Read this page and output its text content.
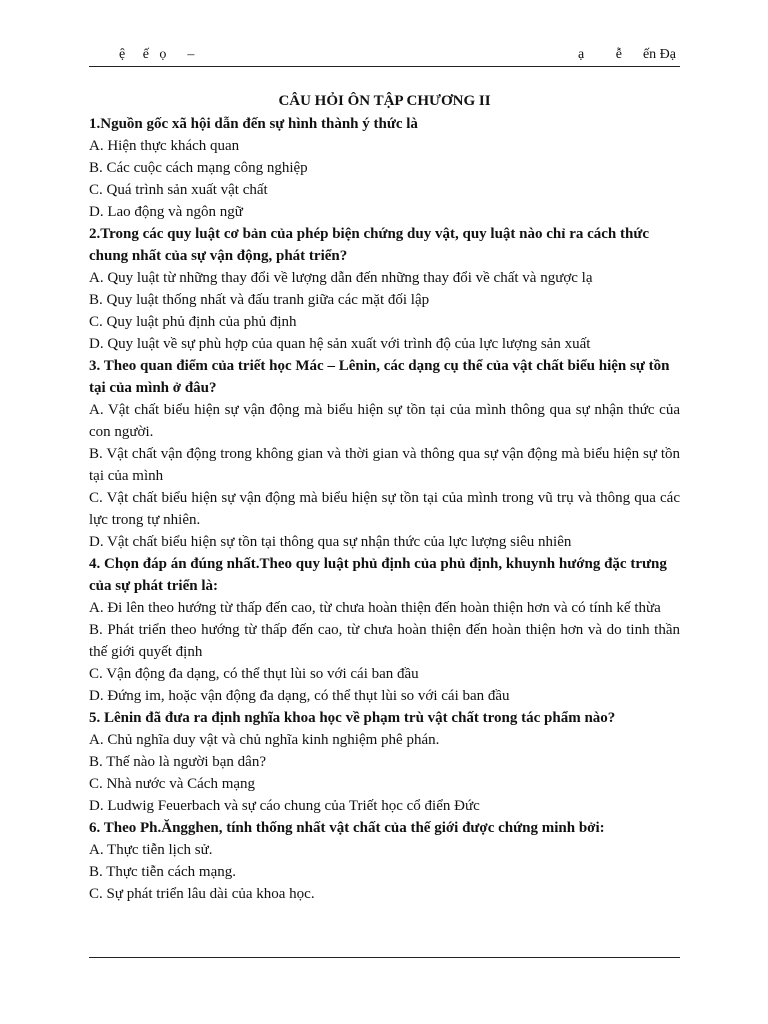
ệ     ế   ọ      –	ạ         ễ      ến Đạ
CÂU HỎI ÔN TẬP CHƯƠNG II

1.Nguồn gốc xã hội dẫn đến sự hình thành ý thức là

A. Hiện thực khách quan

B. Các cuộc cách mạng công nghiệp

C. Quá trình sản xuất vật chất

D. Lao động và ngôn ngữ

2.Trong các quy luật cơ bản của phép biện chứng duy vật, quy luật nào chỉ ra cách thức chung nhất của sự vận động, phát triển?

A. Quy luật từ những thay đổi về lượng dẫn đến những thay đổi về chất và ngược lạ

B. Quy luật thống nhất và đấu tranh giữa các mặt đối lập

C. Quy luật phủ định của phủ định

D. Quy luật về sự phù hợp của quan hệ sản xuất với trình độ của lực lượng sản xuất

3. Theo quan điểm của triết học Mác – Lênin, các dạng cụ thể của vật chất biểu hiện sự tồn tại của mình ở đâu?

A. Vật chất biểu hiện sự vận động mà biểu hiện sự tồn tại của mình thông qua sự nhận thức của con người.

B. Vật chất vận động trong không gian và thời gian và thông qua sự vận động mà biểu hiện sự tồn tại của mình

C. Vật chất biểu hiện sự vận động mà biểu hiện sự tồn tại của mình trong vũ trụ và thông qua các lực trong tự nhiên.

D. Vật chất biểu hiện sự tồn tại thông qua sự nhận thức của lực lượng siêu nhiên

4. Chọn đáp án đúng nhất.Theo quy luật phủ định của phủ định, khuynh hướng đặc trưng của sự phát triển là:

A. Đi lên theo hướng từ thấp đến cao, từ chưa hoàn thiện đến hoàn thiện hơn và có tính kế thừa

B. Phát triển theo hướng từ thấp đến cao, từ chưa hoàn thiện đến hoàn thiện hơn và do tinh thần thế giới quyết định

C. Vận động đa dạng, có thể thụt lùi so với cái ban đầu

D. Đứng im, hoặc vận động đa dạng, có thể thụt lùi so với cái ban đầu

5. Lênin đã đưa ra định nghĩa khoa học về phạm trù vật chất trong tác phẩm nào?

A. Chủ nghĩa duy vật và chủ nghĩa kinh nghiệm phê phán.

B. Thế nào là người bạn dân?

C. Nhà nước và Cách mạng

D. Ludwig Feuerbach và sự cáo chung của Triết học cổ điển Đức

6. Theo Ph.Ăngghen, tính thống nhất vật chất của thế giới được chứng minh bởi:

A. Thực tiễn lịch sử.

B. Thực tiễn cách mạng.

C. Sự phát triển lâu dài của khoa học.
